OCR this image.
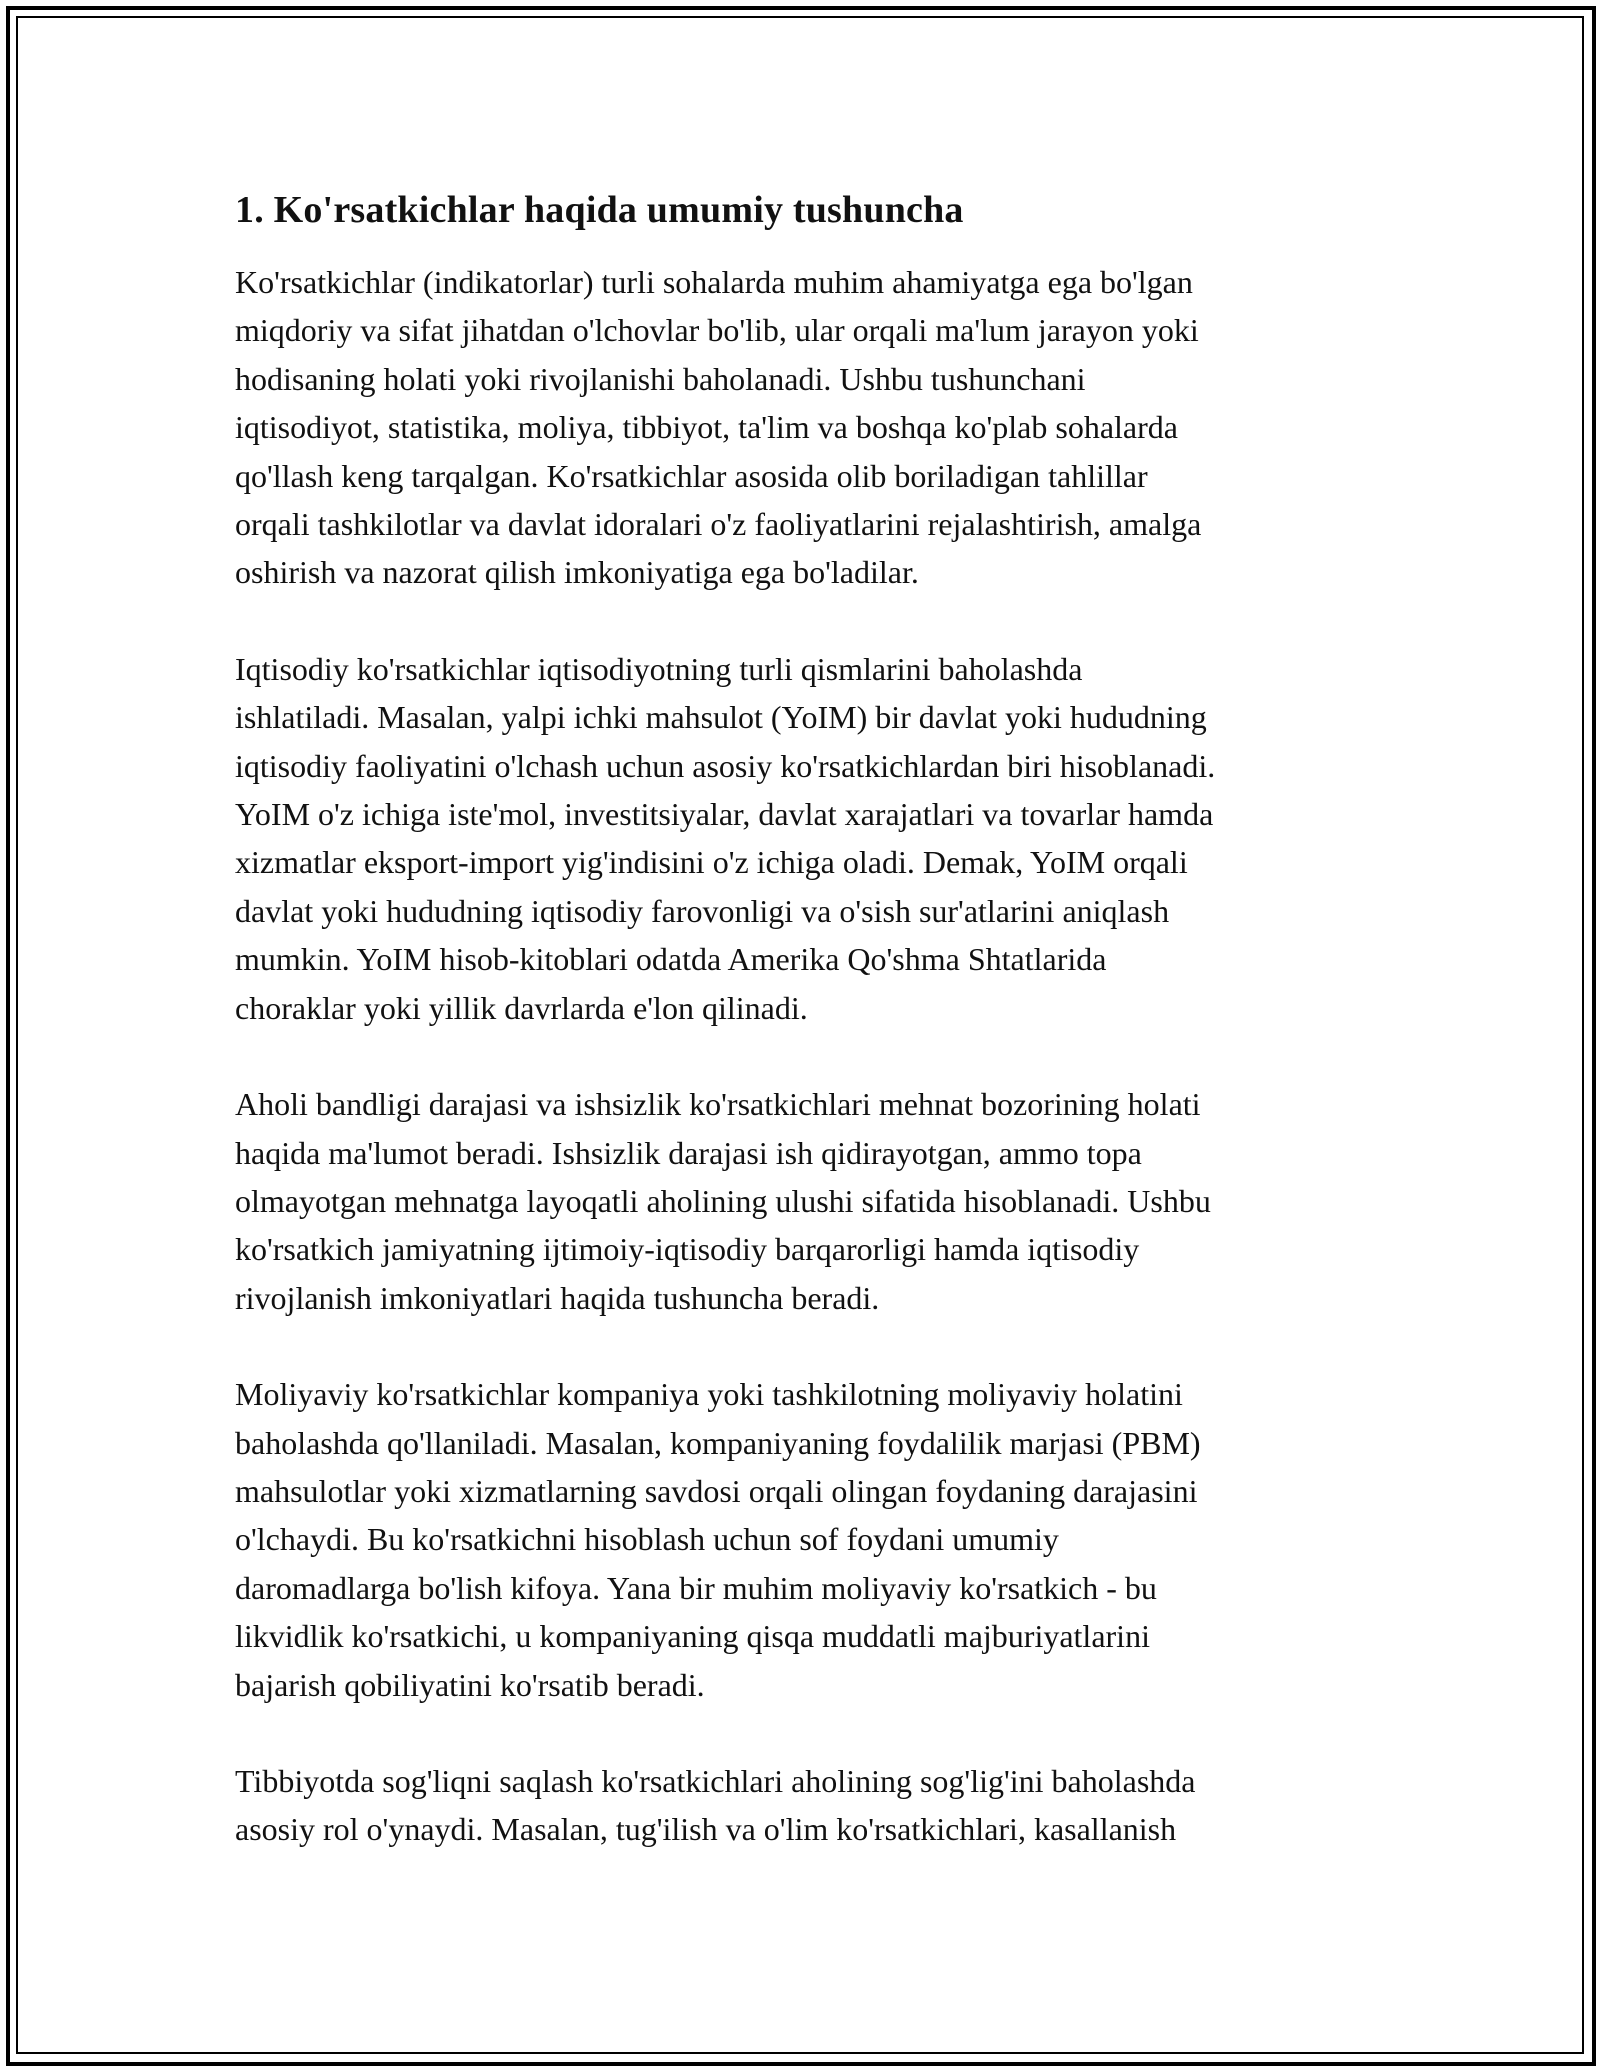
1. Ko'rsatkichlar haqida umumiy tushuncha

Ko'rsatkichlar (indikatorlar) turli sohalarda muhim ahamiyatga ega bo'lgan
miqdoriy va sifat jihatdan o'lchovlar bo'lib, ular orqali ma'lum jarayon yoki
hodisaning holati yoki rivojlanishi baholanadi. Ushbu tushunchani
iqtisodiyot, statistika, moliya, tibbiyot, ta'lim va boshqa ko'plab sohalarda
qo'llash keng tarqalgan. Ko'rsatkichlar asosida olib boriladigan tahlillar
orqali tashkilotlar va davlat idoralari o'z faoliyatlarini rejalashtirish, amalga
oshirish va nazorat qilish imkoniyatiga ega bo'ladilar.

Iqtisodiy ko'rsatkichlar iqtisodiyotning turli qismlarini baholashda
ishlatiladi. Masalan, yalpi ichki mahsulot (YoIM) bir davlat yoki hududning
iqtisodiy faoliyatini o'lchash uchun asosiy ko'rsatkichlardan biri hisoblanadi.
YoIM o'z ichiga iste'mol, investitsiyalar, davlat xarajatlari va tovarlar hamda
xizmatlar eksport-import yig'indisini o'z ichiga oladi. Demak, YoIM orqali
davlat yoki hududning iqtisodiy farovonligi va o'sish sur'atlarini aniqlash
mumkin. YoIM hisob-kitoblari odatda Amerika Qo'shma Shtatlarida
choraklar yoki yillik davrlarda e'lon qilinadi.

Aholi bandligi darajasi va ishsizlik ko'rsatkichlari mehnat bozorining holati
haqida ma'lumot beradi. Ishsizlik darajasi ish qidirayotgan, ammo topa
olmayotgan mehnatga layoqatli aholining ulushi sifatida hisoblanadi. Ushbu
ko'rsatkich jamiyatning ijtimoiy-iqtisodiy barqarorligi hamda iqtisodiy
rivojlanish imkoniyatlari haqida tushuncha beradi.

Moliyaviy ko'rsatkichlar kompaniya yoki tashkilotning moliyaviy holatini
baholashda qo'llaniladi. Masalan, kompaniyaning foydalilik marjasi (PBM)
mahsulotlar yoki xizmatlarning savdosi orqali olingan foydaning darajasini
o'lchaydi. Bu ko'rsatkichni hisoblash uchun sof foydani umumiy
daromadlarga bo'lish kifoya. Yana bir muhim moliyaviy ko'rsatkich - bu
likvidlik ko'rsatkichi, u kompaniyaning qisqa muddatli majburiyatlarini
bajarish qobiliyatini ko'rsatib beradi.

Tibbiyotda sog'liqni saqlash ko'rsatkichlari aholining sog'lig'ini baholashda
asosiy rol o'ynaydi. Masalan, tug'ilish va o'lim ko'rsatkichlari, kasallanish
